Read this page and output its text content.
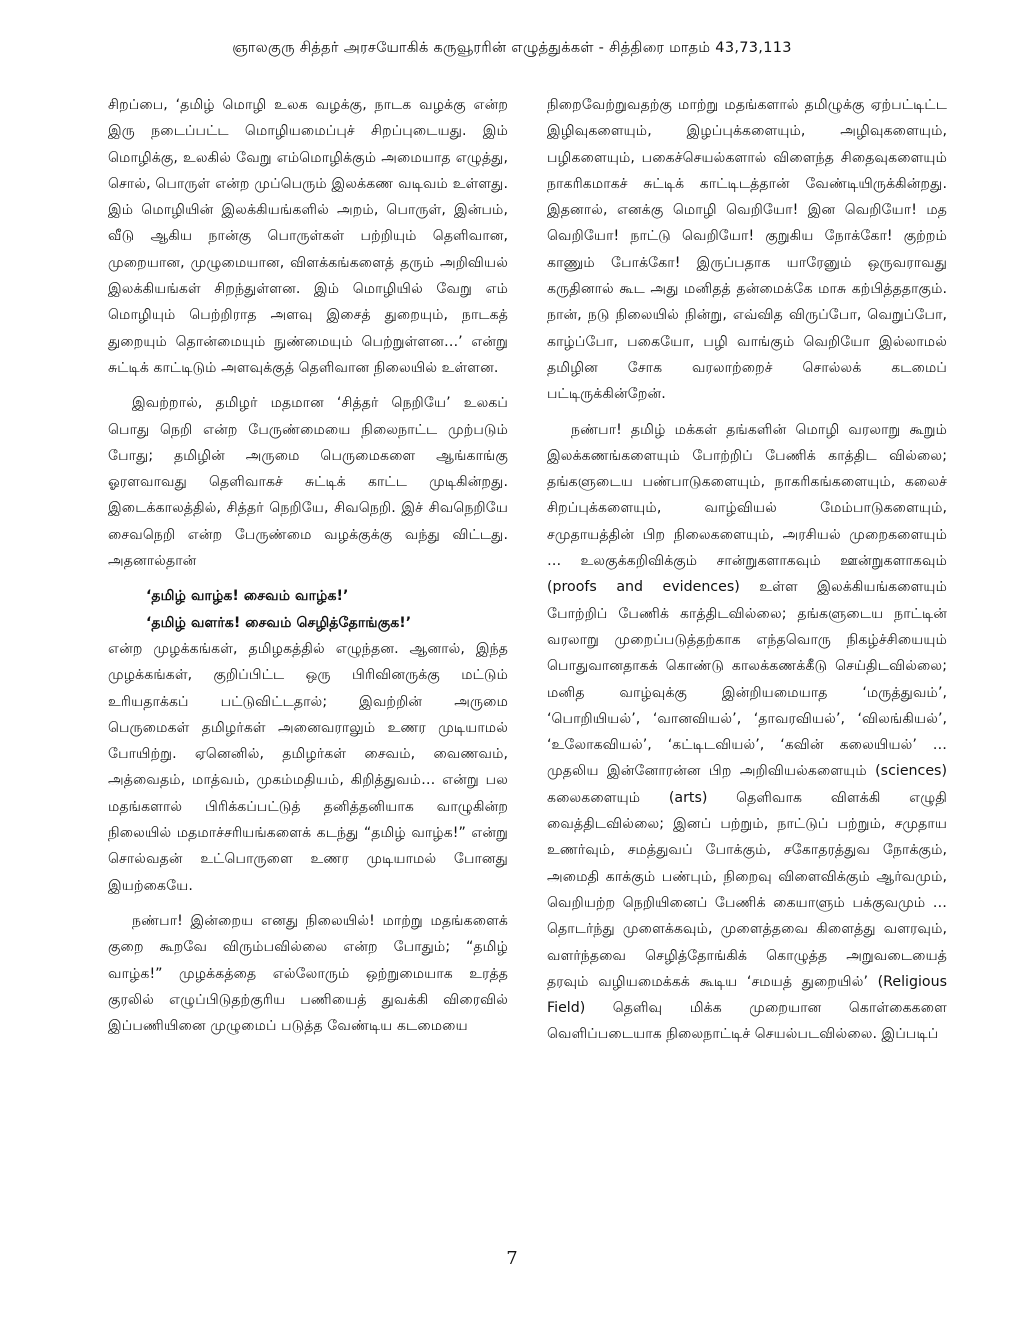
ஞாலகுரு சித்தர் அரசயோகிக் கருவூரரின் எழுத்துக்கள் - சித்திரை மாதம் 43,73,113

சிறப்பை, ‘தமிழ் மொழி உலக வழக்கு, நாடக வழக்கு என்ற இரு நடைப்பட்ட மொழியமைப்புச் சிறப்புடையது. இம் மொழிக்கு, உலகில் வேறு எம்மொழிக்கும் அமையாத எழுத்து, சொல், பொருள் என்ற முப்பெரும் இலக்கண வடிவம் உள்ளது. இம் மொழியின் இலக்கியங்களில் அறம், பொருள், இன்பம், வீடு ஆகிய நான்கு பொருள்கள் பற்றியும் தெளிவான, முறையான, முழுமையான, விளக்கங்களைத் தரும் அறிவியல் இலக்கியங்கள் சிறந்துள்ளன. இம் மொழியில் வேறு எம் மொழியும் பெற்றிராத அளவு இசைத் துறையும், நாடகத் துறையும் தொன்மையும் நுண்மையும் பெற்றுள்ளன…’ என்று சுட்டிக் காட்டிடும் அளவுக்குத் தெளிவான நிலையில் உள்ளன.

இவற்றால், தமிழர் மதமான ‘சித்தர் நெறியே’ உலகப் பொது நெறி என்ற பேருண்மையை நிலைநாட்ட முற்படும் போது; தமிழின் அருமை பெருமைகளை ஆங்காங்கு ஓரளவாவது தெளிவாகச் சுட்டிக் காட்ட முடிகின்றது. இடைக்காலத்தில், சித்தர் நெறியே, சிவநெறி. இச் சிவநெறியே சைவநெறி என்ற பேருண்மை வழக்குக்கு வந்து விட்டது. அதனால்தான்

‘தமிழ் வாழ்க! சைவம் வாழ்க!’

‘தமிழ் வளர்க! சைவம் செழித்தோங்குக!’

என்ற முழக்கங்கள், தமிழகத்தில் எழுந்தன. ஆனால், இந்த முழக்கங்கள், குறிப்பிட்ட ஒரு பிரிவினருக்கு மட்டும் உரியதாக்கப் பட்டுவிட்டதால்; இவற்றின் அருமை பெருமைகள் தமிழர்கள் அனைவராலும் உணர முடியாமல் போயிற்று. ஏனெனில், தமிழர்கள் சைவம், வைணவம், அத்வைதம், மாத்வம், முகம்மதியம், கிறித்துவம்… என்று பல மதங்களால் பிரிக்கப்பட்டுத் தனித்தனியாக வாழுகின்ற நிலையில் மதமாச்சரியங்களைக் கடந்து “தமிழ் வாழ்க!” என்று சொல்வதன் உட்பொருளை உணர முடியாமல் போனது இயற்கையே.

நண்பா! இன்றைய எனது நிலையில்! மாற்று மதங்களைக் குறை கூறவே விரும்பவில்லை என்ற போதும்; “தமிழ் வாழ்க!” முழக்கத்தை எல்லோரும் ஒற்றுமையாக உரத்த குரலில் எழுப்பிடுதற்குரிய பணியைத் துவக்கி விரைவில் இப்பணியினை முழுமைப் படுத்த வேண்டிய கடமையை

நிறைவேற்றுவதற்கு மாற்று மதங்களால் தமிழுக்கு ஏற்பட்டிட்ட இழிவுகளையும், இழப்புக்களையும், அழிவுகளையும், பழிகளையும், பகைச்செயல்களால் விளைந்த சிதைவுகளையும் நாகரிகமாகச் சுட்டிக் காட்டிடத்தான் வேண்டியிருக்கின்றது. இதனால், எனக்கு மொழி வெறியோ! இன வெறியோ! மத வெறியோ! நாட்டு வெறியோ! குறுகிய நோக்கோ! குற்றம் காணும் போக்கோ! இருப்பதாக யாரேனும் ஒருவராவது கருதினால் கூட அது மனிதத் தன்மைக்கே மாசு கற்பித்ததாகும். நான், நடு நிலையில் நின்று, எவ்வித விருப்போ, வெறுப்போ, காழ்ப்போ, பகையோ, பழி வாங்கும் வெறியோ இல்லாமல் தமிழின சோக வரலாற்றைச் சொல்லக் கடமைப் பட்டிருக்கின்றேன்.

நண்பா! தமிழ் மக்கள் தங்களின் மொழி வரலாறு கூறும் இலக்கணங்களையும் போற்றிப் பேணிக் காத்திட வில்லை; தங்களுடைய பண்பாடுகளையும், நாகரிகங்களையும், கலைச் சிறப்புக்களையும், வாழ்வியல் மேம்பாடுகளையும், சமுதாயத்தின் பிற நிலைகளையும், அரசியல் முறைகளையும் … உலகுக்கறிவிக்கும் சான்றுகளாகவும் ஊன்றுகளாகவும் (proofs and evidences) உள்ள இலக்கியங்களையும் போற்றிப் பேணிக் காத்திடவில்லை; தங்களுடைய நாட்டின் வரலாறு முறைப்படுத்தற்காக எந்தவொரு நிகழ்ச்சியையும் பொதுவானதாகக் கொண்டு காலக்கணக்கீடு செய்திடவில்லை; மனித வாழ்வுக்கு இன்றியமையாத ‘மருத்துவம்’, ‘பொறியியல்’, ‘வானவியல்’, ‘தாவரவியல்’, ‘விலங்கியல்’, ‘உலோகவியல்’, ‘கட்டிடவியல்’, ‘கவின் கலையியல்’ … முதலிய இன்னோரன்ன பிற அறிவியல்களையும் (sciences) கலைகளையும் (arts) தெளிவாக விளக்கி எழுதி வைத்திடவில்லை; இனப் பற்றும், நாட்டுப் பற்றும், சமுதாய உணர்வும், சமத்துவப் போக்கும், சகோதரத்துவ நோக்கும், அமைதி காக்கும் பண்பும், நிறைவு விளைவிக்கும் ஆர்வமும், வெறியற்ற நெறியினைப் பேணிக் கையாளும் பக்குவமும் … தொடர்ந்து முளைக்கவும், முளைத்தவை கிளைத்து வளரவும், வளர்ந்தவை செழித்தோங்கிக் கொழுத்த அறுவடையைத் தரவும் வழியமைக்கக் கூடிய ‘சமயத் துறையில்’ (Religious Field) தெளிவு மிக்க முறையான கொள்கைகளை வெளிப்படையாக நிலைநாட்டிச் செயல்படவில்லை. இப்படிப்

7
